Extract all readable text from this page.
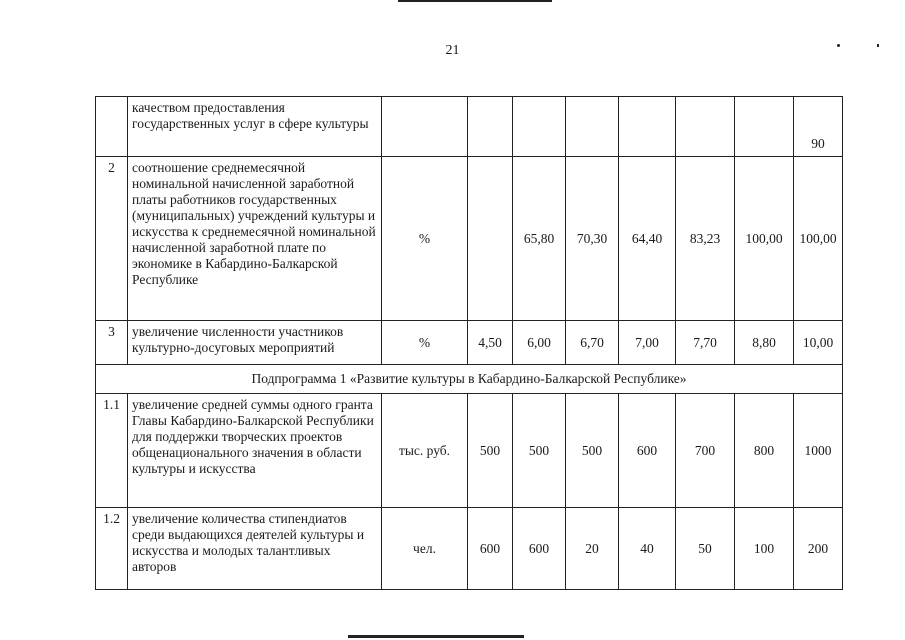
21
	качеством предоставления государственных услуг в сфере культуры								90
2	соотношение среднемесячной номинальной начисленной заработной платы работников государственных (муниципальных) учреждений культуры и искусства к среднемесячной номинальной начисленной заработной плате по экономике в Кабардино-Балкарской Республике	%		65,80	70,30	64,40	83,23	100,00	100,00
3	увеличение численности участников культурно-досуговых мероприятий	%	4,50	6,00	6,70	7,00	7,70	8,80	10,00
Подпрограмма 1 «Развитие культуры в Кабардино-Балкарской Республике»									
1.1	увеличение средней суммы одного гранта Главы Кабардино-Балкарской Республики для поддержки творческих проектов общенационального значения в области культуры и искусства	тыс. руб.	500	500	500	600	700	800	1000
1.2	увеличение количества стипендиатов среди выдающихся деятелей культуры и искусства и молодых талантливых авторов	чел.	600	600	20	40	50	100	200
